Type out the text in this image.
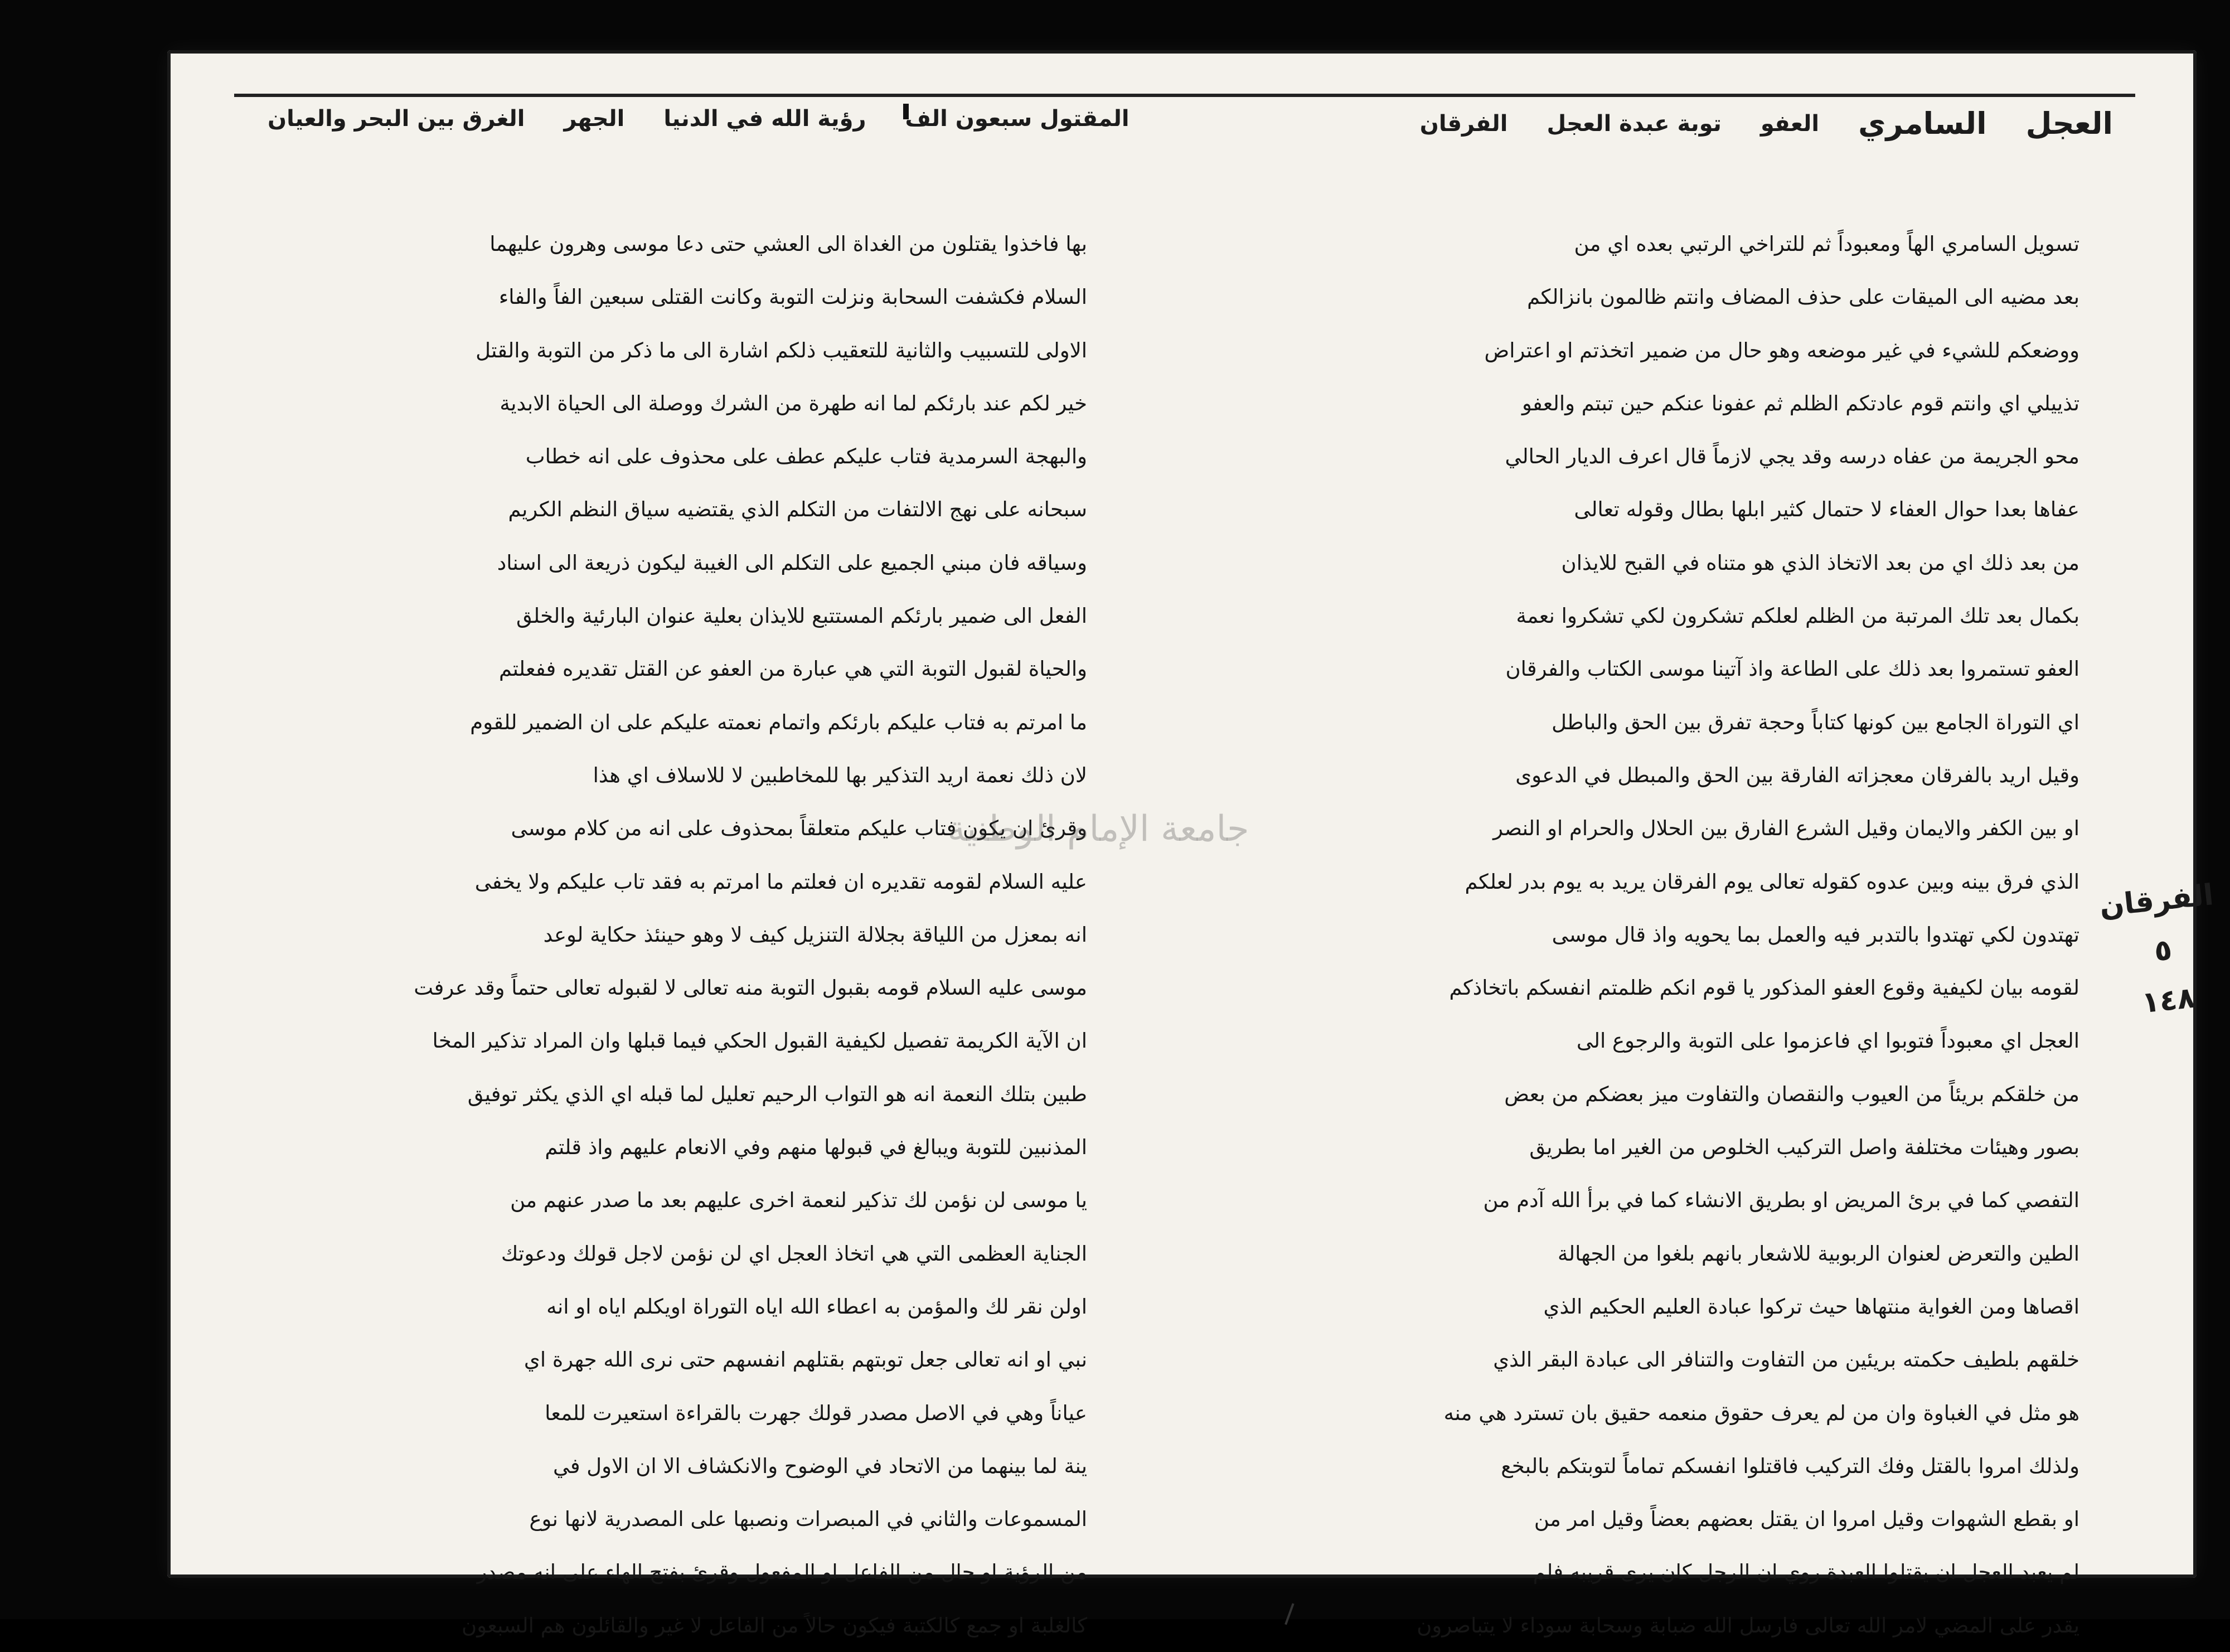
العجل
السامري
العفو
توبة عبدة العجل
الفرقان
المقتول سبعون الف
رؤية الله في الدنيا
الجهر
الغرق بين البحر والعيان
تسويل السامري الهاً ومعبوداً ثم للتراخي الرتبي بعده اي من
بعد مضيه الى الميقات على حذف المضاف وانتم ظالمون بانزالكم
ووضعكم للشيء في غير موضعه وهو حال من ضمير اتخذتم او اعتراض
تذييلي اي وانتم قوم عادتكم الظلم ثم عفونا عنكم حين تبتم والعفو
محو الجريمة من عفاه درسه وقد يجي لازماً قال اعرف الديار الحالي
عفاها بعدا حوال العفاء لا حتمال كثير ابلها بطال وقوله تعالى
من بعد ذلك اي من بعد الاتخاذ الذي هو متناه في القبح للايذان
بكمال بعد تلك المرتبة من الظلم لعلكم تشكرون لكي تشكروا نعمة
العفو تستمروا بعد ذلك على الطاعة واذ آتينا موسى الكتاب والفرقان
اي التوراة الجامع بين كونها كتاباً وحجة تفرق بين الحق والباطل
وقيل اريد بالفرقان معجزاته الفارقة بين الحق والمبطل في الدعوى
او بين الكفر والايمان وقيل الشرع الفارق بين الحلال والحرام او النصر
الذي فرق بينه وبين عدوه كقوله تعالى يوم الفرقان يريد به يوم بدر لعلكم
تهتدون لكي تهتدوا بالتدبر فيه والعمل بما يحويه واذ قال موسى
لقومه بيان لكيفية وقوع العفو المذكور يا قوم انكم ظلمتم انفسكم باتخاذكم
العجل اي معبوداً فتوبوا اي فاعزموا على التوبة والرجوع الى
من خلقكم بريئاً من العيوب والنقصان والتفاوت ميز بعضكم من بعض
بصور وهيئات مختلفة واصل التركيب الخلوص من الغير اما بطريق
التفصي كما في برئ المريض او بطريق الانشاء كما في برأ الله آدم من
الطين والتعرض لعنوان الربوبية للاشعار بانهم بلغوا من الجهالة
اقصاها ومن الغواية منتهاها حيث تركوا عبادة العليم الحكيم الذي
خلقهم بلطيف حكمته بريئين من التفاوت والتنافر الى عبادة البقر الذي
هو مثل في الغباوة وان من لم يعرف حقوق منعمه حقيق بان تسترد هي منه
ولذلك امروا بالقتل وفك التركيب فاقتلوا انفسكم تماماً لتوبتكم بالبخع
او بقطع الشهوات وقيل امروا ان يقتل بعضهم بعضاً وقيل امر من
لم يعبد العجل ان يقتلوا العبدة روي ان الرجل كان يرى قريبه فلم
يقدر على المضي لامر الله تعالى فارسل الله ضبابة وسحابة سوداء لا يتباصرون
بها فاخذوا يقتلون من الغداة الى العشي حتى دعا موسى وهرون عليهما
السلام فكشفت السحابة ونزلت التوبة وكانت القتلى سبعين الفاً والفاء
الاولى للتسبيب والثانية للتعقيب ذلكم اشارة الى ما ذكر من التوبة والقتل
خير لكم عند بارئكم لما انه طهرة من الشرك ووصلة الى الحياة الابدية
والبهجة السرمدية فتاب عليكم عطف على محذوف على انه خطاب
سبحانه على نهج الالتفات من التكلم الذي يقتضيه سياق النظم الكريم
وسياقه فان مبني الجميع على التكلم الى الغيبة ليكون ذريعة الى اسناد
الفعل الى ضمير بارئكم المستتبع للايذان بعلية عنوان البارئية والخلق
والحياة لقبول التوبة التي هي عبارة من العفو عن القتل تقديره ففعلتم
ما امرتم به فتاب عليكم بارئكم واتمام نعمته عليكم على ان الضمير للقوم
لان ذلك نعمة اريد التذكير بها للمخاطبين لا للاسلاف اي هذا
وقرئ ان يكون فتاب عليكم متعلقاً بمحذوف على انه من كلام موسى
عليه السلام لقومه تقديره ان فعلتم ما امرتم به فقد تاب عليكم ولا يخفى
انه بمعزل من اللياقة بجلالة التنزيل كيف لا وهو حينئذ حكاية لوعد
موسى عليه السلام قومه بقبول التوبة منه تعالى لا لقبوله تعالى حتماً وقد عرفت
ان الآية الكريمة تفصيل لكيفية القبول الحكي فيما قبلها وان المراد تذكير المخا
طبين بتلك النعمة انه هو التواب الرحيم تعليل لما قبله اي الذي يكثر توفيق
المذنبين للتوبة ويبالغ في قبولها منهم وفي الانعام عليهم واذ قلتم
يا موسى لن نؤمن لك تذكير لنعمة اخرى عليهم بعد ما صدر عنهم من
الجناية العظمى التي هي اتخاذ العجل اي لن نؤمن لاجل قولك ودعوتك
اولن نقر لك والمؤمن به اعطاء الله اياه التوراة اويكلم اياه او انه
نبي او انه تعالى جعل توبتهم بقتلهم انفسهم حتى نرى الله جهرة اي
عياناً وهي في الاصل مصدر قولك جهرت بالقراءة استعيرت للمعا
ينة لما بينهما من الاتحاد في الوضوح والانكشاف الا ان الاول في
المسموعات والثاني في المبصرات ونصبها على المصدرية لانها نوع
من الرؤية او حال من الفاعل او المفعول وقرئ بفتح الهاء على انه مصدر
كالغلبة او جمع كالكتبة فيكون حالاً من الفاعل لا غير والقائلون هم السبعون
جامعة الإمام الوطنية
الفرقان ٥
١٤٨
